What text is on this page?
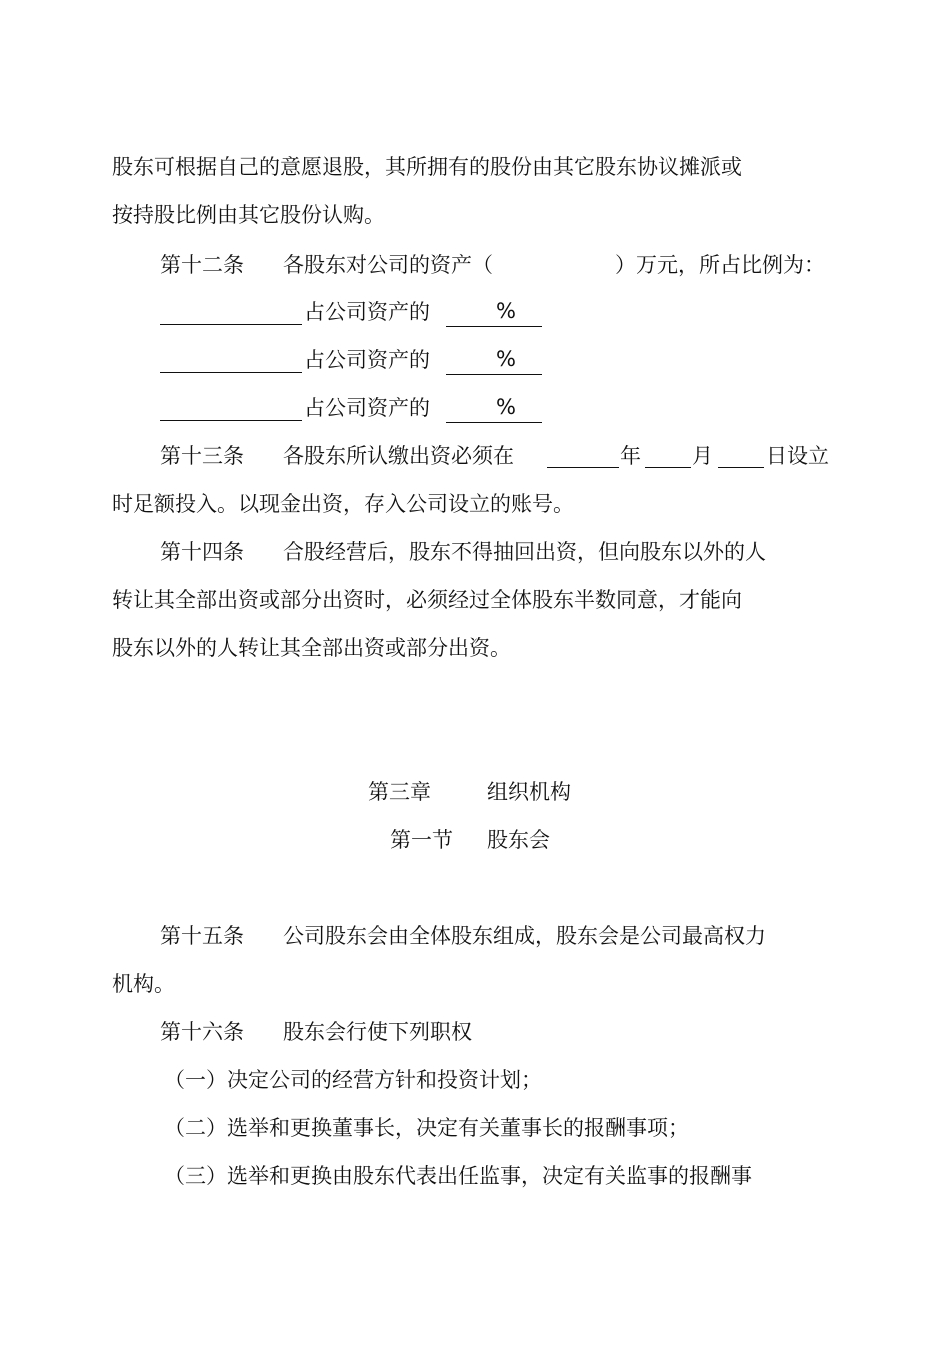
股东可根据自己的意愿退股，其所拥有的股份由其它股东协议摊派或
按持股比例由其它股份认购。
第十二条 各股东对公司的资产（	）万元，所占比例为：
占公司资产的	%
占公司资产的	%
占公司资产的	%
第十三条 各股东所认缴出资必须在	年 月	日设立
时足额投入。以现金出资，存入公司设立的账号。
第十四条 合股经营后，股东不得抽回出资，但向股东以外的人
转让其全部出资或部分出资时，必须经过全体股东半数同意，才能向
股东以外的人转让其全部出资或部分出资。
第三章	组织机构
第一节 股东会
第十五条 公司股东会由全体股东组成，股东会是公司最高权力
机构。
第十六条 股东会行使下列职权
（一）决定公司的经营方针和投资计划；
（二）选举和更换董事长，决定有关董事长的报酬事项；
（三）选举和更换由股东代表出任监事，决定有关监事的报酬事
